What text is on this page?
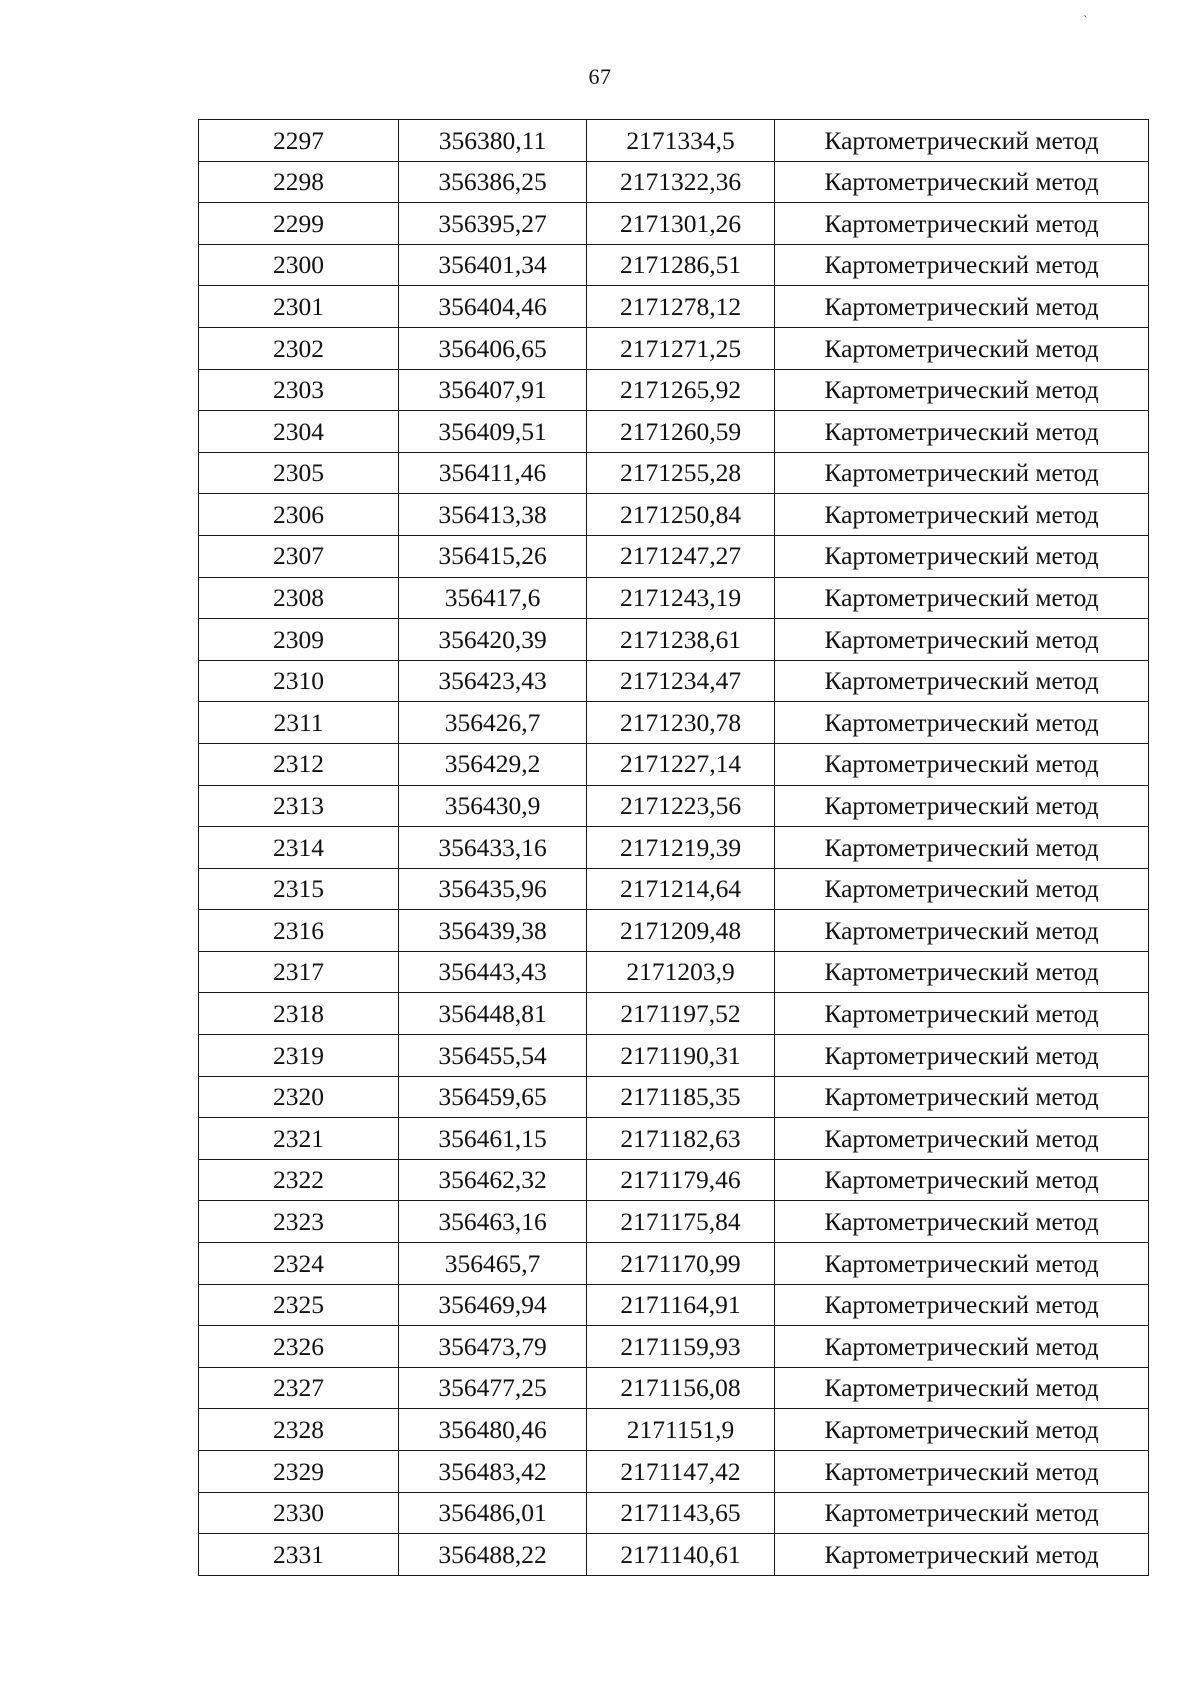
`
67
2297	356380,11	2171334,5	Картометрический метод
2298	356386,25	2171322,36	Картометрический метод
2299	356395,27	2171301,26	Картометрический метод
2300	356401,34	2171286,51	Картометрический метод
2301	356404,46	2171278,12	Картометрический метод
2302	356406,65	2171271,25	Картометрический метод
2303	356407,91	2171265,92	Картометрический метод
2304	356409,51	2171260,59	Картометрический метод
2305	356411,46	2171255,28	Картометрический метод
2306	356413,38	2171250,84	Картометрический метод
2307	356415,26	2171247,27	Картометрический метод
2308	356417,6	2171243,19	Картометрический метод
2309	356420,39	2171238,61	Картометрический метод
2310	356423,43	2171234,47	Картометрический метод
2311	356426,7	2171230,78	Картометрический метод
2312	356429,2	2171227,14	Картометрический метод
2313	356430,9	2171223,56	Картометрический метод
2314	356433,16	2171219,39	Картометрический метод
2315	356435,96	2171214,64	Картометрический метод
2316	356439,38	2171209,48	Картометрический метод
2317	356443,43	2171203,9	Картометрический метод
2318	356448,81	2171197,52	Картометрический метод
2319	356455,54	2171190,31	Картометрический метод
2320	356459,65	2171185,35	Картометрический метод
2321	356461,15	2171182,63	Картометрический метод
2322	356462,32	2171179,46	Картометрический метод
2323	356463,16	2171175,84	Картометрический метод
2324	356465,7	2171170,99	Картометрический метод
2325	356469,94	2171164,91	Картометрический метод
2326	356473,79	2171159,93	Картометрический метод
2327	356477,25	2171156,08	Картометрический метод
2328	356480,46	2171151,9	Картометрический метод
2329	356483,42	2171147,42	Картометрический метод
2330	356486,01	2171143,65	Картометрический метод
2331	356488,22	2171140,61	Картометрический метод
